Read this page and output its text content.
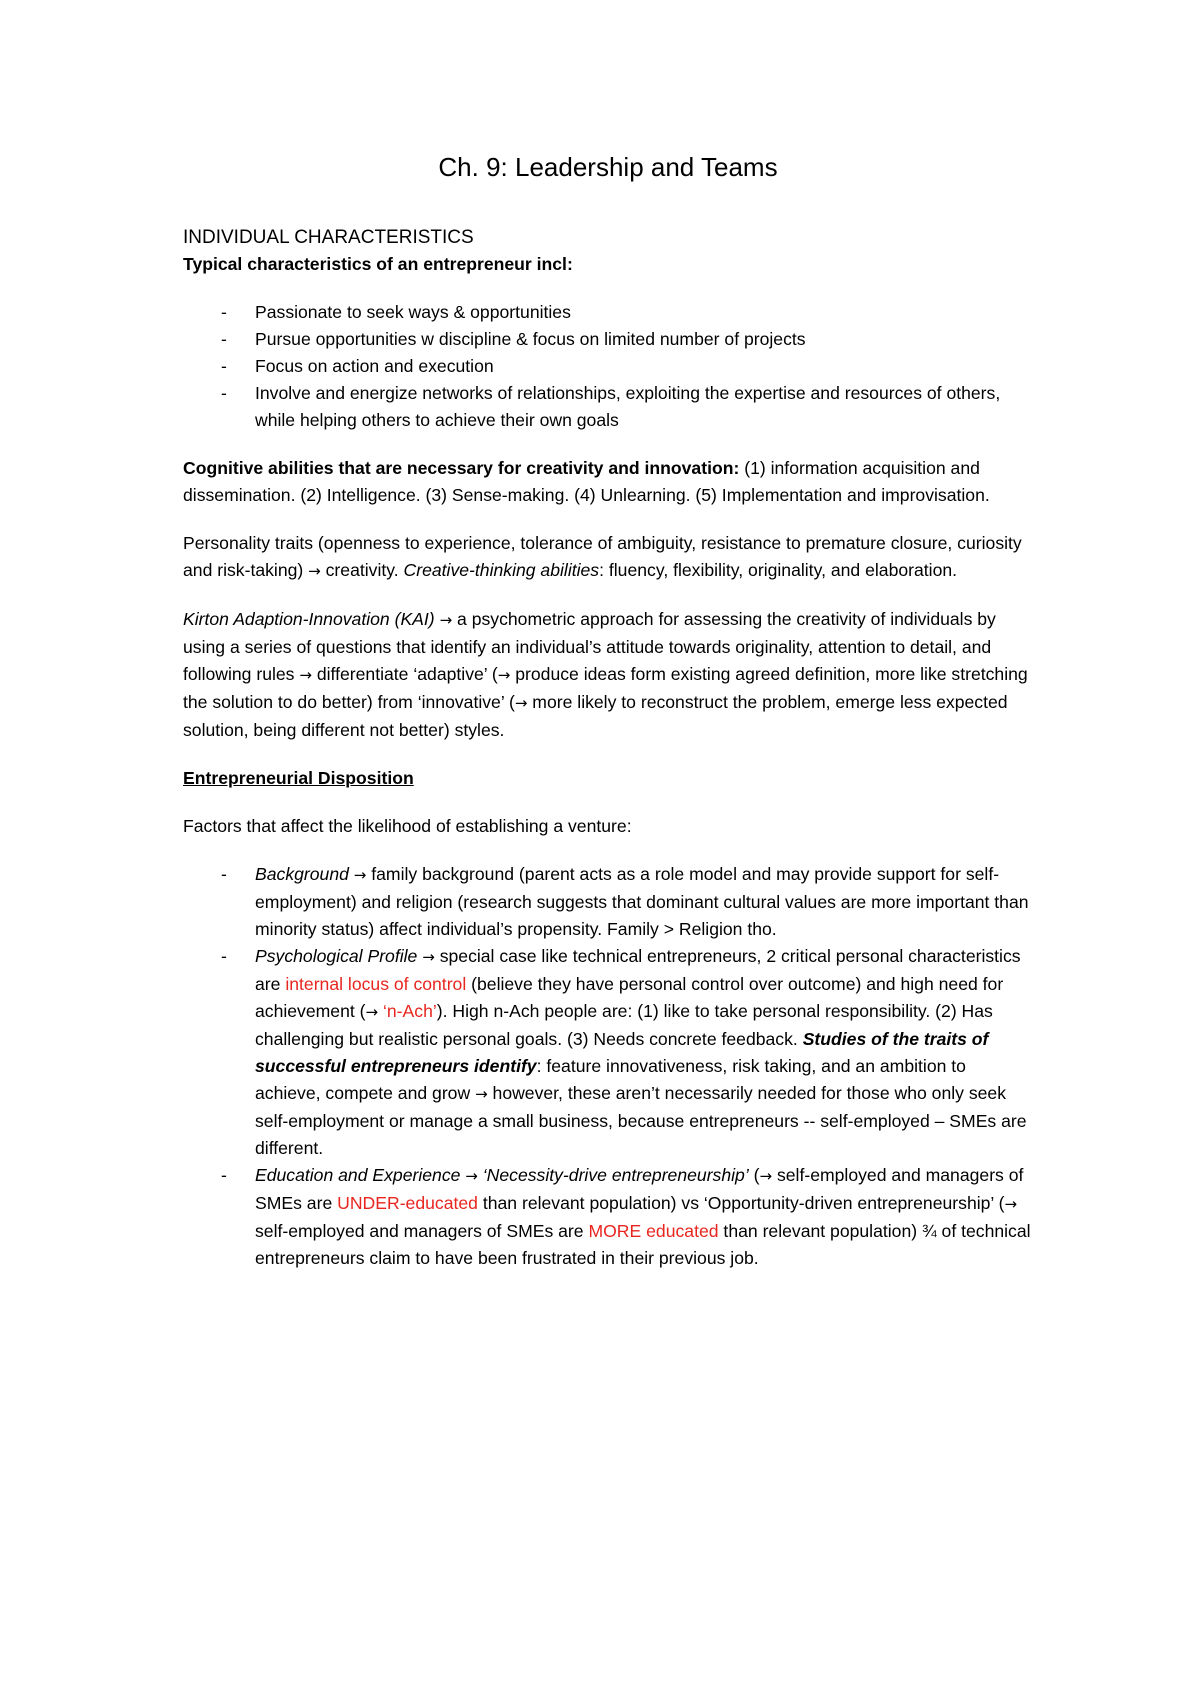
Ch. 9: Leadership and Teams
INDIVIDUAL CHARACTERISTICS

Typical characteristics of an entrepreneur incl:

- Passionate to seek ways & opportunities
- Pursue opportunities w discipline & focus on limited number of projects
- Focus on action and execution
- Involve and energize networks of relationships, exploiting the expertise and resources of others, while helping others to achieve their own goals

Cognitive abilities that are necessary for creativity and innovation: (1) information acquisition and dissemination. (2) Intelligence. (3) Sense-making. (4) Unlearning. (5) Implementation and improvisation.

Personality traits (openness to experience, tolerance of ambiguity, resistance to premature closure, curiosity and risk-taking) → creativity. Creative-thinking abilities: fluency, flexibility, originality, and elaboration.

Kirton Adaption-Innovation (KAI) → a psychometric approach for assessing the creativity of individuals by using a series of questions that identify an individual’s attitude towards originality, attention to detail, and following rules → differentiate ‘adaptive’ (→ produce ideas form existing agreed definition, more like stretching the solution to do better) from ‘innovative’ (→ more likely to reconstruct the problem, emerge less expected solution, being different not better) styles.

Entrepreneurial Disposition

Factors that affect the likelihood of establishing a venture:

- Background → family background (parent acts as a role model and may provide support for self-employment) and religion (research suggests that dominant cultural values are more important than minority status) affect individual’s propensity. Family > Religion tho.
- Psychological Profile → special case like technical entrepreneurs, 2 critical personal characteristics are internal locus of control (believe they have personal control over outcome) and high need for achievement (→ ‘n-Ach’). High n-Ach people are: (1) like to take personal responsibility. (2) Has challenging but realistic personal goals. (3) Needs concrete feedback. Studies of the traits of successful entrepreneurs identify: feature innovativeness, risk taking, and an ambition to achieve, compete and grow → however, these aren’t necessarily needed for those who only seek self-employment or manage a small business, because entrepreneurs -- self-employed – SMEs are different.
- Education and Experience → ‘Necessity-drive entrepreneurship’ (→ self-employed and managers of SMEs are UNDER-educated than relevant population) vs ‘Opportunity-driven entrepreneurship’ (→ self-employed and managers of SMEs are MORE educated than relevant population) ¾ of technical entrepreneurs claim to have been frustrated in their previous job.
